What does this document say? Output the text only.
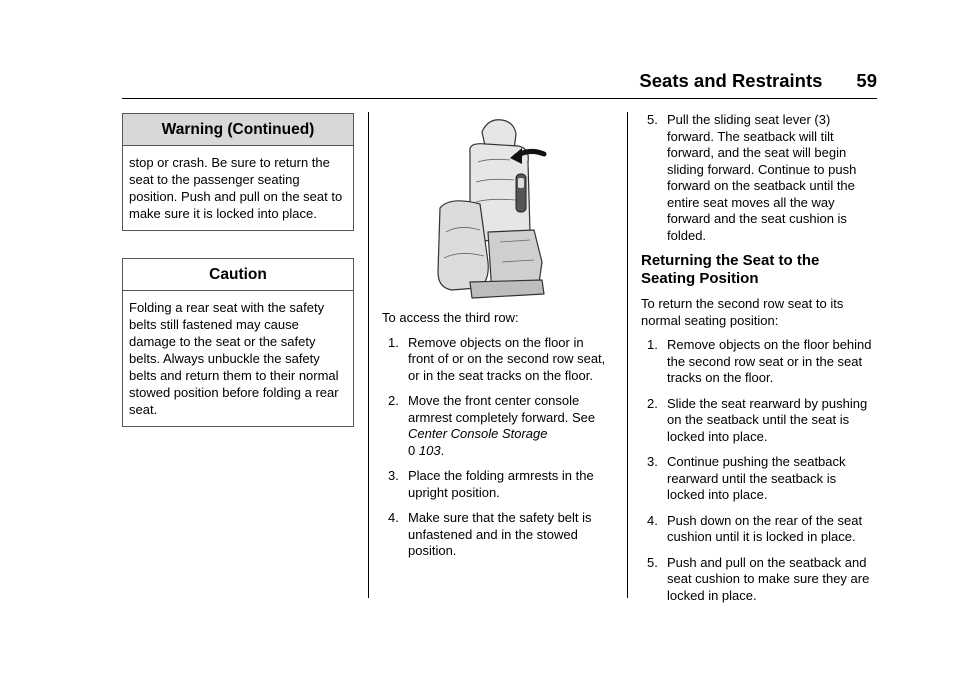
Seats and Restraints 59
Warning (Continued)
stop or crash. Be sure to return the seat to the passenger seating position. Push and pull on the seat to make sure it is locked into place.
Caution
Folding a rear seat with the safety belts still fastened may cause damage to the seat or the safety belts. Always unbuckle the safety belts and return them to their normal stowed position before folding a rear seat.

To access the third row:

1. Remove objects on the floor in front of or on the second row seat, or in the seat tracks on the floor.
2. Move the front center console armrest completely forward. See Center Console Storage
0 103.
3. Place the folding armrests in the upright position.
4. Make sure that the safety belt is unfastened and in the stowed position.
5. Pull the sliding seat lever (3) forward. The seatback will tilt forward, and the seat will begin sliding forward. Continue to push forward on the seatback until the entire seat moves all the way forward and the seat cushion is folded.
Returning the Seat to the Seating Position

To return the second row seat to its normal seating position:

1. Remove objects on the floor behind the second row seat or in the seat tracks on the floor.
2. Slide the seat rearward by pushing on the seatback until the seat is locked into place.
3. Continue pushing the seatback rearward until the seatback is locked into place.
4. Push down on the rear of the seat cushion until it is locked in place.
5. Push and pull on the seatback and seat cushion to make sure they are locked in place.
